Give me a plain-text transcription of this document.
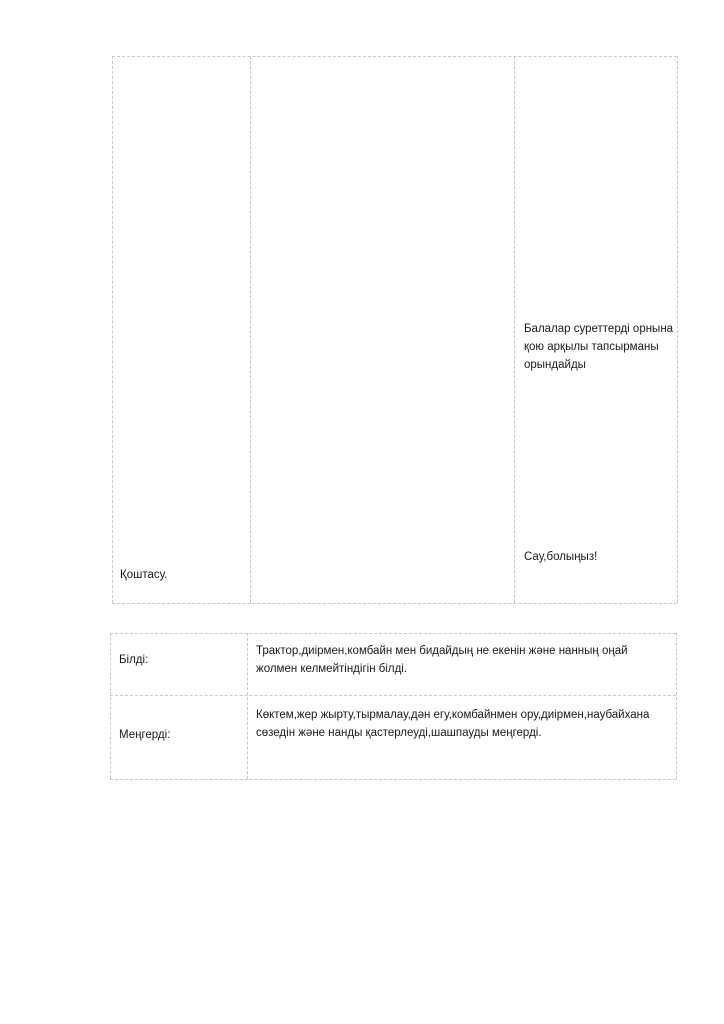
Қоштасу.
Балалар суреттерді орнына қою арқылы тапсырманы орындайды
Сау,болыңыз!
Білді:
Трактор,диірмен,комбайн мен бидайдың не екенін және нанның оңай жолмен келмейтіндігін білді.
Меңгерді:
Көктем,жер жырту,тырмалау,дән егу,комбайнмен ору,диірмен,наубайхана сөзедін және нанды қастерлеуді,шашпауды меңгерді.
